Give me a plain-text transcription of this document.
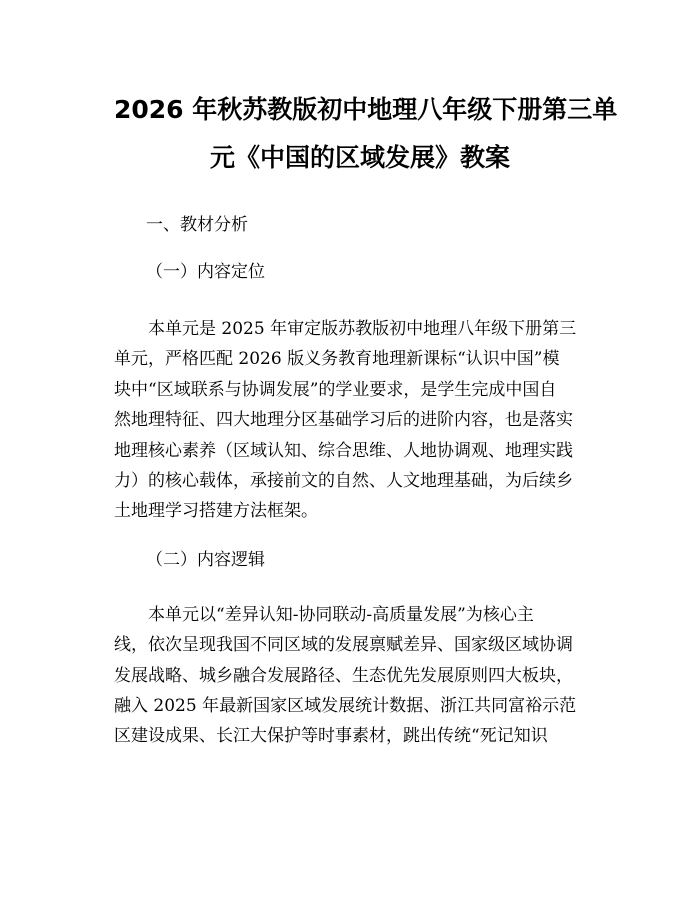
2026 年秋苏教版初中地理八年级下册第三单
元《中国的区域发展》教案

一、教材分析

（一）内容定位

　　本单元是 2025 年审定版苏教版初中地理八年级下册第三
单元，严格匹配 2026 版义务教育地理新课标“认识中国”模
块中“区域联系与协调发展”的学业要求，是学生完成中国自
然地理特征、四大地理分区基础学习后的进阶内容，也是落实
地理核心素养（区域认知、综合思维、人地协调观、地理实践
力）的核心载体，承接前文的自然、人文地理基础，为后续乡
土地理学习搭建方法框架。

（二）内容逻辑

　　本单元以“差异认知-协同联动-高质量发展”为核心主
线，依次呈现我国不同区域的发展禀赋差异、国家级区域协调
发展战略、城乡融合发展路径、生态优先发展原则四大板块，
融入 2025 年最新国家区域发展统计数据、浙江共同富裕示范
区建设成果、长江大保护等时事素材，跳出传统“死记知识
